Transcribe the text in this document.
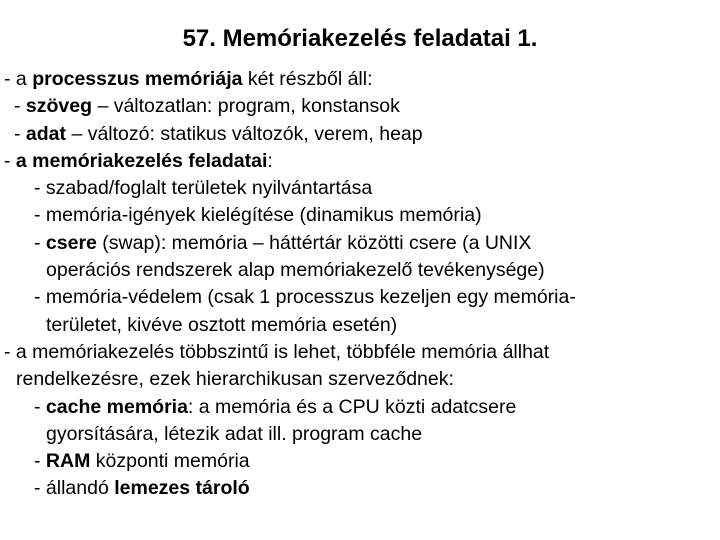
57. Memóriakezelés feladatai 1.
- a processzus memóriája két részből áll:
- szöveg – változatlan: program, konstansok
- adat – változó: statikus változók, verem, heap
- a memóriakezelés feladatai:
- szabad/foglalt területek nyilvántartása
- memória-igények kielégítése (dinamikus memória)
- csere (swap): memória – háttértár közötti csere (a UNIX
operációs rendszerek alap memóriakezelő tevékenysége)
- memória-védelem (csak 1 processzus kezeljen egy memória-
területet, kivéve osztott memória esetén)
- a memóriakezelés többszintű is lehet, többféle memória állhat
rendelkezésre, ezek hierarchikusan szerveződnek:
- cache memória: a memória és a CPU közti adatcsere
gyorsítására, létezik adat ill. program cache
- RAM központi memória
- állandó lemezes tároló
